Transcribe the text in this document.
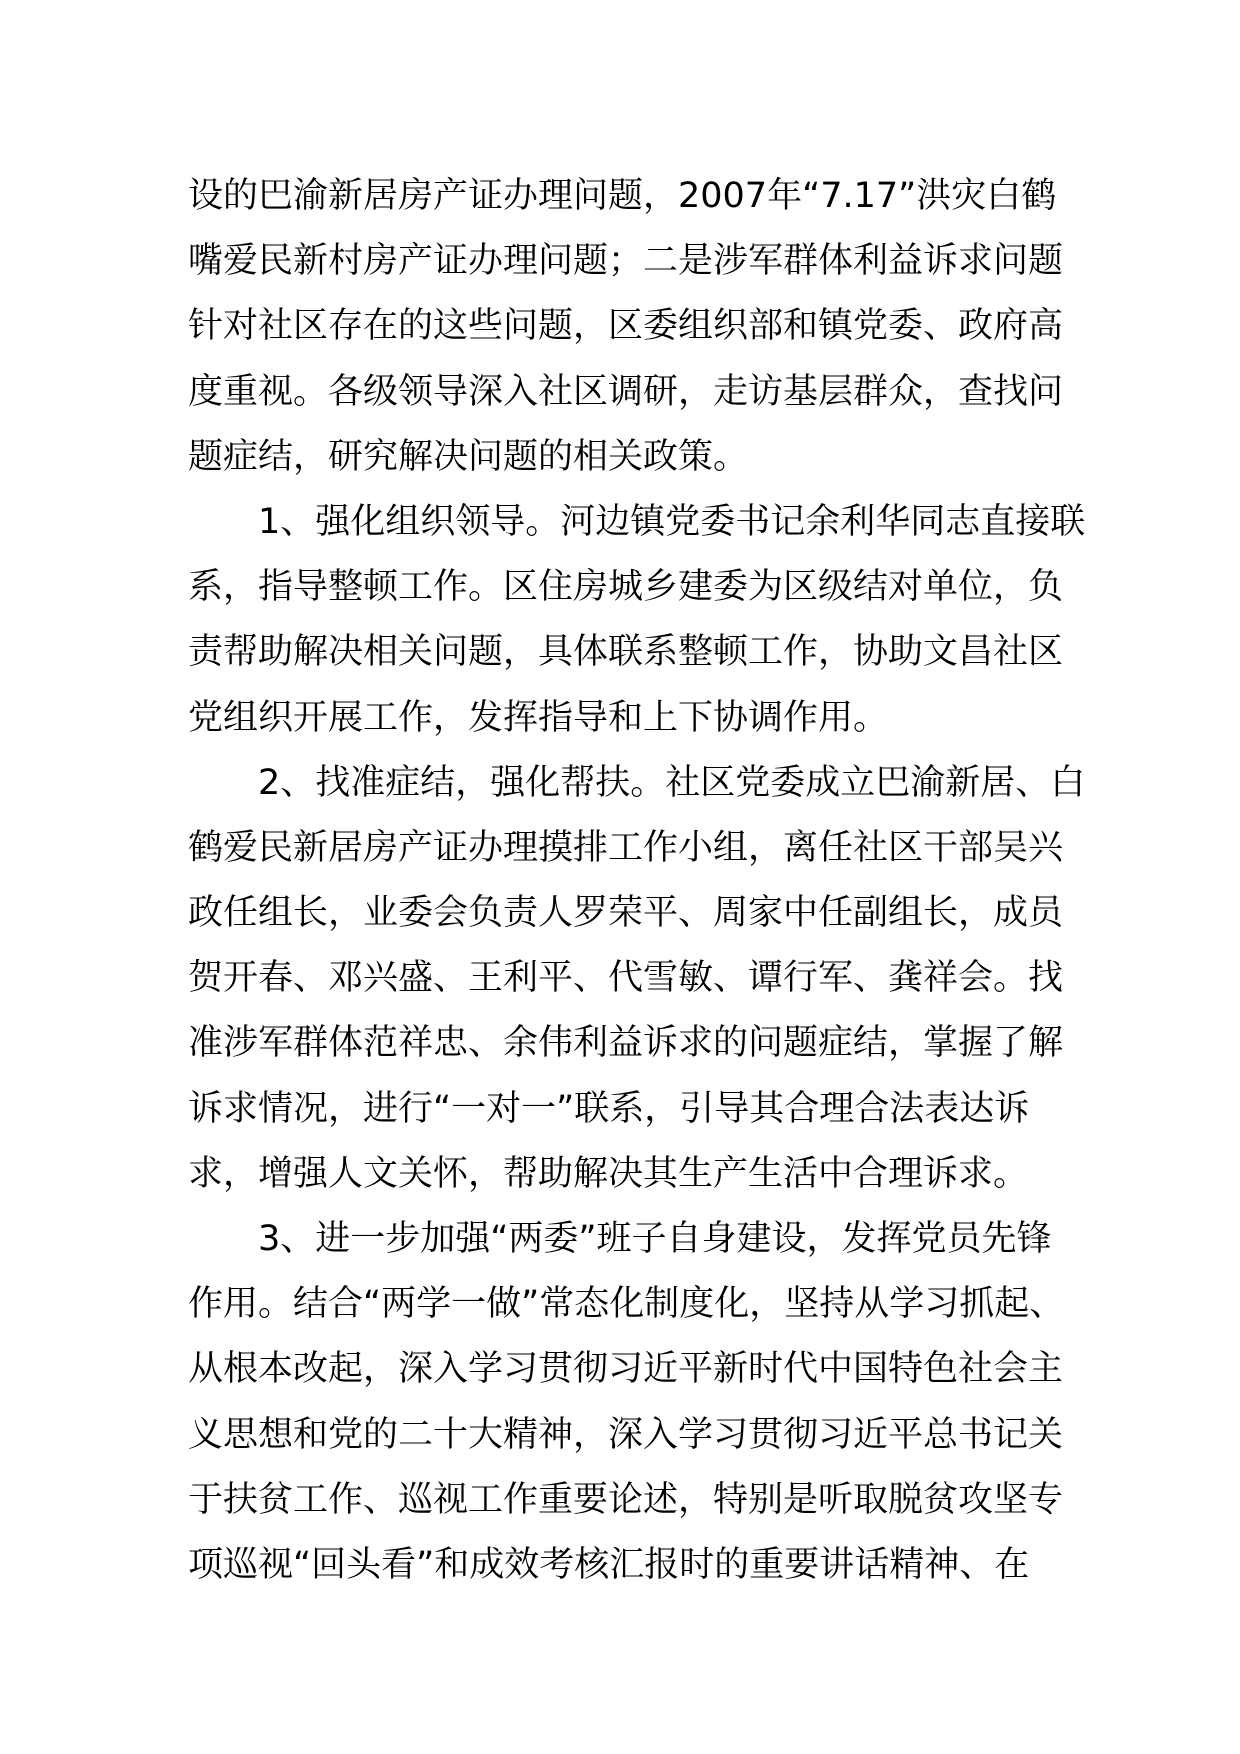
设的巴渝新居房产证办理问题，2007年“7.17”洪灾白鹤
嘴爱民新村房产证办理问题；二是涉军群体利益诉求问题
针对社区存在的这些问题，区委组织部和镇党委、政府高
度重视。各级领导深入社区调研，走访基层群众，查找问
题症结，研究解决问题的相关政策。
1、强化组织领导。河边镇党委书记余利华同志直接联
系，指导整顿工作。区住房城乡建委为区级结对单位，负
责帮助解决相关问题，具体联系整顿工作，协助文昌社区
党组织开展工作，发挥指导和上下协调作用。
2、找准症结，强化帮扶。社区党委成立巴渝新居、白
鹤爱民新居房产证办理摸排工作小组，离任社区干部吴兴
政任组长，业委会负责人罗荣平、周家中任副组长，成员
贺开春、邓兴盛、王利平、代雪敏、谭行军、龚祥会。找
准涉军群体范祥忠、余伟利益诉求的问题症结，掌握了解
诉求情况，进行“一对一”联系，引导其合理合法表达诉
求，增强人文关怀，帮助解决其生产生活中合理诉求。
3、进一步加强“两委”班子自身建设，发挥党员先锋
作用。结合“两学一做”常态化制度化，坚持从学习抓起、
从根本改起，深入学习贯彻习近平新时代中国特色社会主
义思想和党的二十大精神，深入学习贯彻习近平总书记关
于扶贫工作、巡视工作重要论述，特别是听取脱贫攻坚专
项巡视“回头看”和成效考核汇报时的重要讲话精神、在
